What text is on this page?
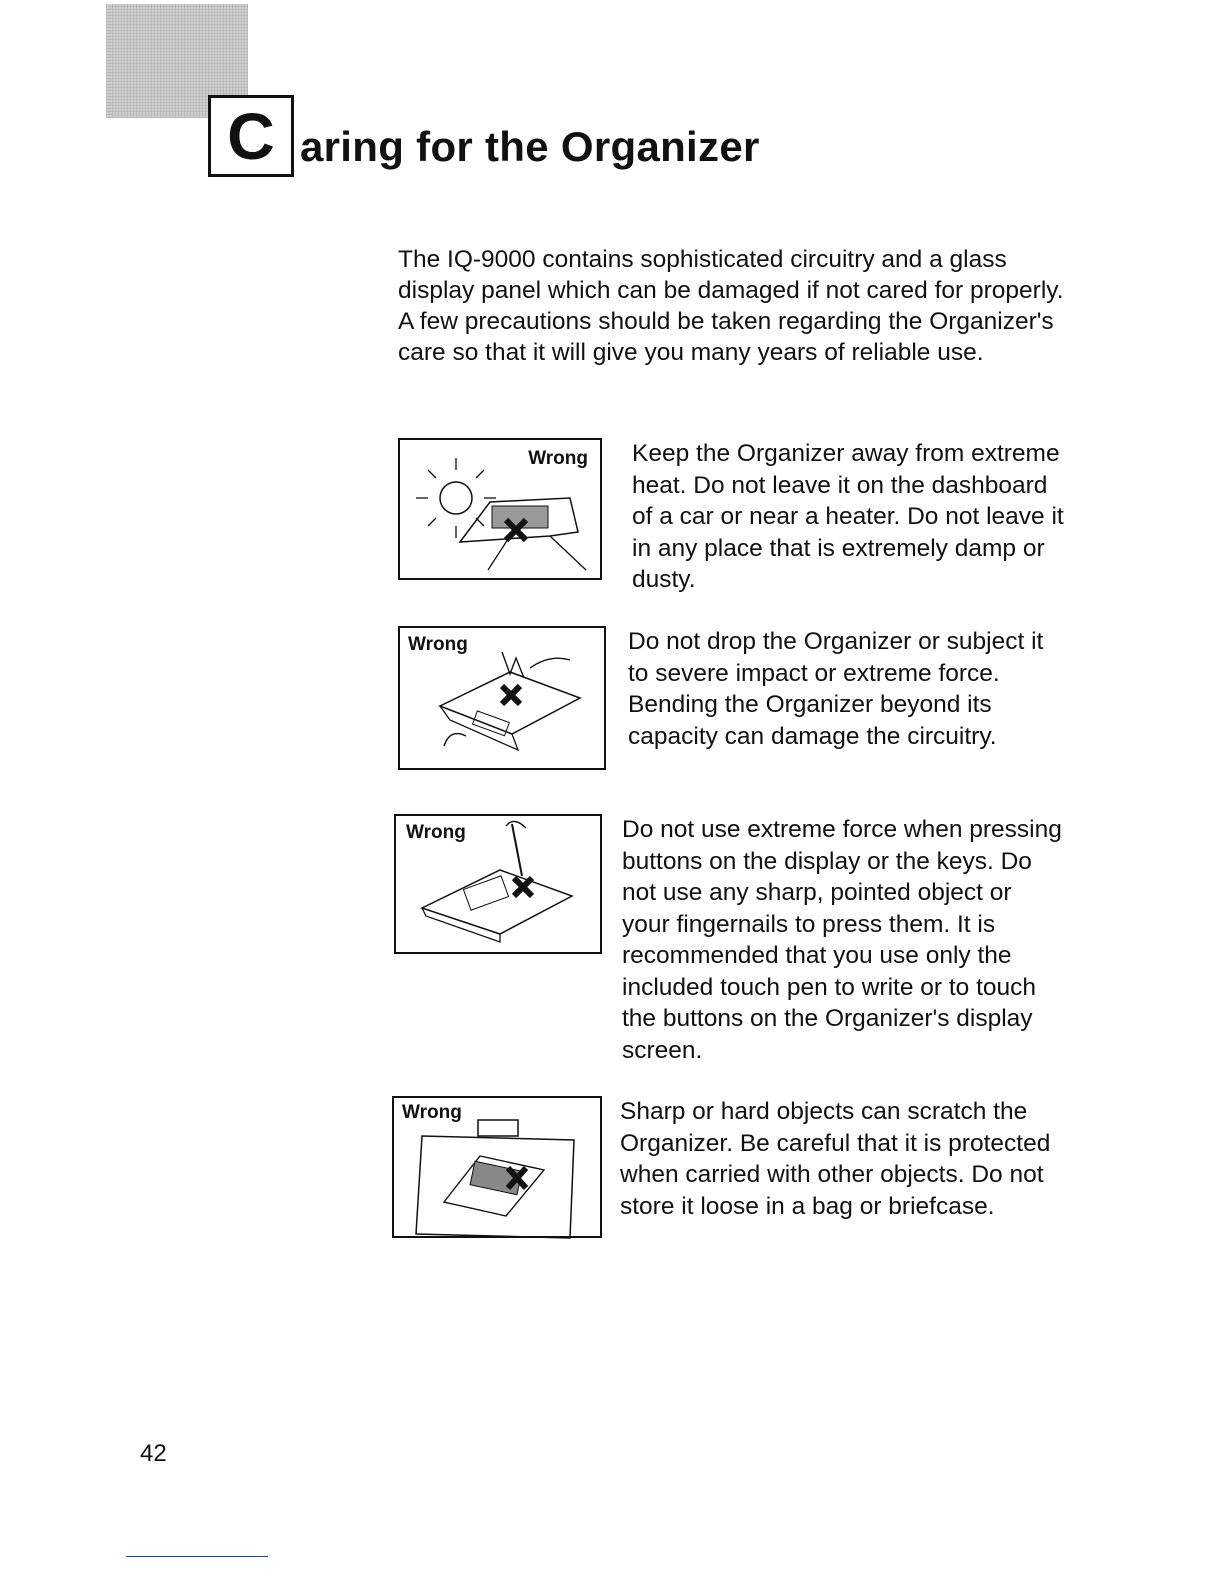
C aring for the Organizer
The IQ-9000 contains sophisticated circuitry and a glass display panel which can be damaged if not cared for properly. A few precautions should be taken regarding the Organizer's care so that it will give you many years of reliable use.
Wrong Keep the Organizer away from extreme heat. Do not leave it on the dashboard of a car or near a heater. Do not leave it in any place that is extremely damp or dusty.
Wrong	Do not drop the Organizer or subject it to severe impact or extreme force. Bending the Organizer beyond its capacity can damage the circuitry.
Wrong	Do not use extreme force when pressing buttons on the display or the keys. Do not use any sharp, pointed object or your fingernails to press them. It is recommended that you use only the included touch pen to write or to touch the buttons on the Organizer's display screen.
Wrong	Sharp or hard objects can scratch the Organizer. Be careful that it is protected when carried with other objects. Do not store it loose in a bag or briefcase.
42
